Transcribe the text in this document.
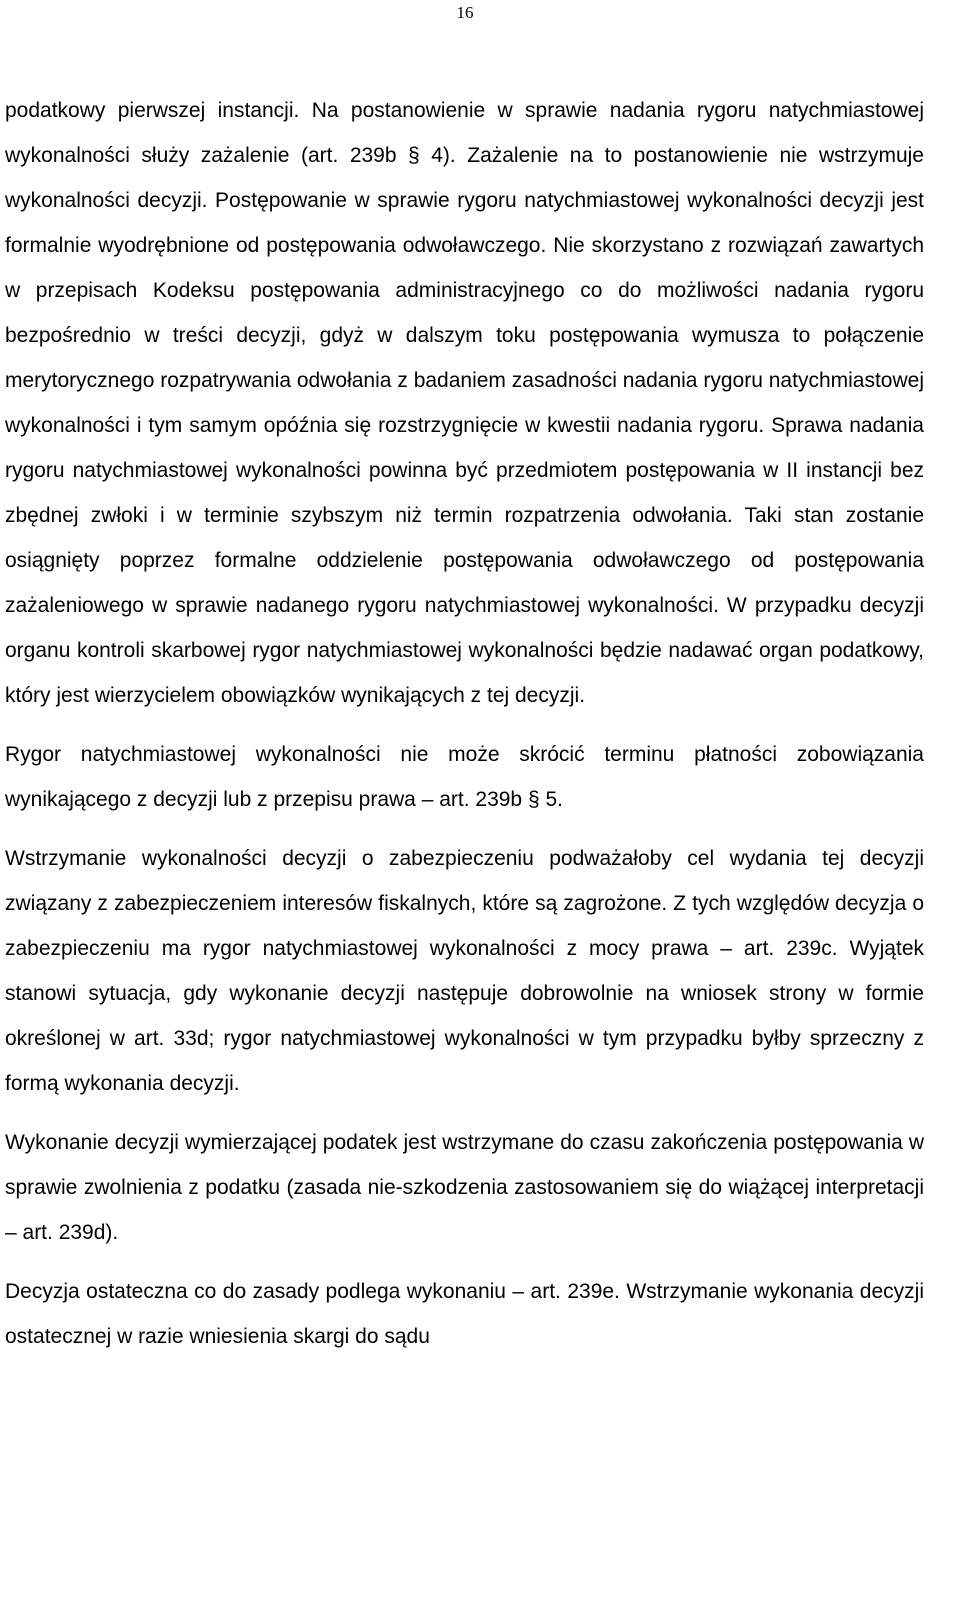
16

podatkowy pierwszej instancji. Na postanowienie w sprawie nadania rygoru natychmiastowej wykonalności służy zażalenie (art. 239b § 4). Zażalenie na to postanowienie nie wstrzymuje wykonalności decyzji. Postępowanie w sprawie rygoru natychmiastowej wykonalności decyzji jest formalnie wyodrębnione od postępowania odwoławczego. Nie skorzystano z rozwiązań zawartych w przepisach Kodeksu postępowania administracyjnego co do możliwości nadania rygoru bezpośrednio w treści decyzji, gdyż w dalszym toku postępowania wymusza to połączenie merytorycznego rozpatrywania odwołania z badaniem zasadności nadania rygoru natychmiastowej wykonalności i tym samym opóźnia się rozstrzygnięcie w kwestii nadania rygoru. Sprawa nadania rygoru natychmiastowej wykonalności powinna być przedmiotem postępowania w II instancji bez zbędnej zwłoki i w terminie szybszym niż termin rozpatrzenia odwołania. Taki stan zostanie osiągnięty poprzez formalne oddzielenie postępowania odwoławczego od postępowania zażaleniowego w sprawie nadanego rygoru natychmiastowej wykonalności. W przypadku decyzji organu kontroli skarbowej rygor natychmiastowej wykonalności będzie nadawać organ podatkowy, który jest wierzycielem obowiązków wynikających z tej decyzji.

Rygor natychmiastowej wykonalności nie może skrócić terminu płatności zobowiązania wynikającego z decyzji lub z przepisu prawa – art. 239b § 5.

Wstrzymanie wykonalności decyzji o zabezpieczeniu podważałoby cel wydania tej decyzji związany z zabezpieczeniem interesów fiskalnych, które są zagrożone. Z tych względów decyzja o zabezpieczeniu ma rygor natychmiastowej wykonalności z mocy prawa – art. 239c. Wyjątek stanowi sytuacja, gdy wykonanie decyzji następuje dobrowolnie na wniosek strony w formie określonej w art. 33d; rygor natychmiastowej wykonalności w tym przypadku byłby sprzeczny z formą wykonania decyzji.

Wykonanie decyzji wymierzającej podatek jest wstrzymane do czasu zakończenia postępowania w sprawie zwolnienia z podatku (zasada nie-szkodzenia zastosowaniem się do wiążącej interpretacji – art. 239d).

Decyzja ostateczna co do zasady podlega wykonaniu – art. 239e. Wstrzymanie wykonania decyzji ostatecznej w razie wniesienia skargi do sądu
